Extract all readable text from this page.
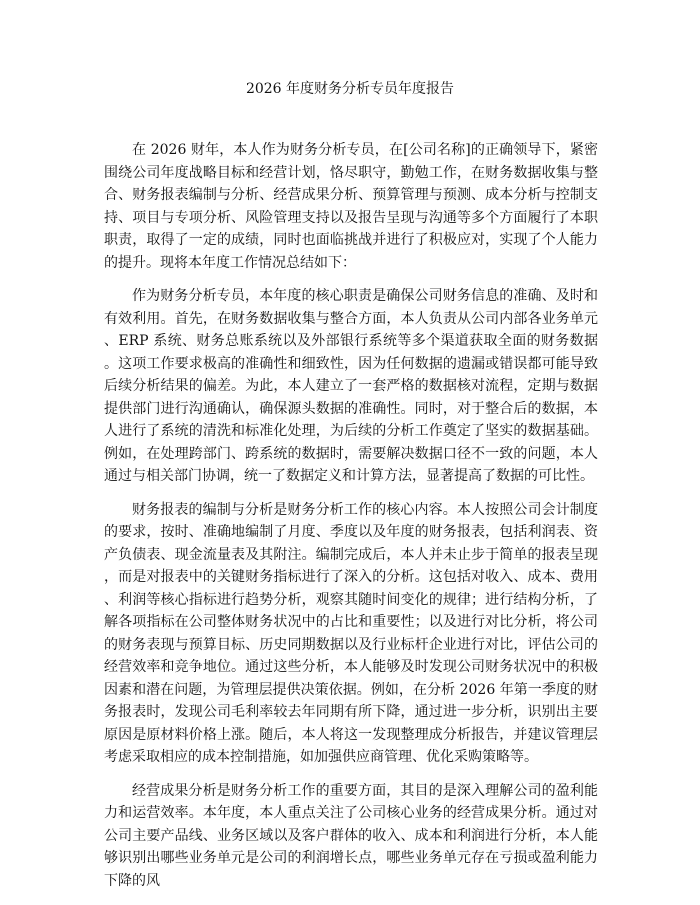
2026 年度财务分析专员年度报告

在 2026 财年，本人作为财务分析专员，在[公司名称]的正确领导下，紧密围绕公司年度战略目标和经营计划，恪尽职守，勤勉工作，在财务数据收集与整合、财务报表编制与分析、经营成果分析、预算管理与预测、成本分析与控制支持、项目与专项分析、风险管理支持以及报告呈现与沟通等多个方面履行了本职职责，取得了一定的成绩，同时也面临挑战并进行了积极应对，实现了个人能力的提升。现将本年度工作情况总结如下：

作为财务分析专员，本年度的核心职责是确保公司财务信息的准确、及时和有效利用。首先，在财务数据收集与整合方面，本人负责从公司内部各业务单元、ERP 系统、财务总账系统以及外部银行系统等多个渠道获取全面的财务数据。这项工作要求极高的准确性和细致性，因为任何数据的遗漏或错误都可能导致后续分析结果的偏差。为此，本人建立了一套严格的数据核对流程，定期与数据提供部门进行沟通确认，确保源头数据的准确性。同时，对于整合后的数据，本人进行了系统的清洗和标准化处理，为后续的分析工作奠定了坚实的数据基础。例如，在处理跨部门、跨系统的数据时，需要解决数据口径不一致的问题，本人通过与相关部门协调，统一了数据定义和计算方法，显著提高了数据的可比性。

财务报表的编制与分析是财务分析工作的核心内容。本人按照公司会计制度的要求，按时、准确地编制了月度、季度以及年度的财务报表，包括利润表、资产负债表、现金流量表及其附注。编制完成后，本人并未止步于简单的报表呈现，而是对报表中的关键财务指标进行了深入的分析。这包括对收入、成本、费用、利润等核心指标进行趋势分析，观察其随时间变化的规律；进行结构分析，了解各项指标在公司整体财务状况中的占比和重要性；以及进行对比分析，将公司的财务表现与预算目标、历史同期数据以及行业标杆企业进行对比，评估公司的经营效率和竞争地位。通过这些分析，本人能够及时发现公司财务状况中的积极因素和潜在问题，为管理层提供决策依据。例如，在分析 2026 年第一季度的财务报表时，发现公司毛利率较去年同期有所下降，通过进一步分析，识别出主要原因是原材料价格上涨。随后，本人将这一发现整理成分析报告，并建议管理层考虑采取相应的成本控制措施，如加强供应商管理、优化采购策略等。

经营成果分析是财务分析工作的重要方面，其目的是深入理解公司的盈利能力和运营效率。本年度，本人重点关注了公司核心业务的经营成果分析。通过对公司主要产品线、业务区域以及客户群体的收入、成本和利润进行分析，本人能够识别出哪些业务单元是公司的利润增长点，哪些业务单元存在亏损或盈利能力下降的风
